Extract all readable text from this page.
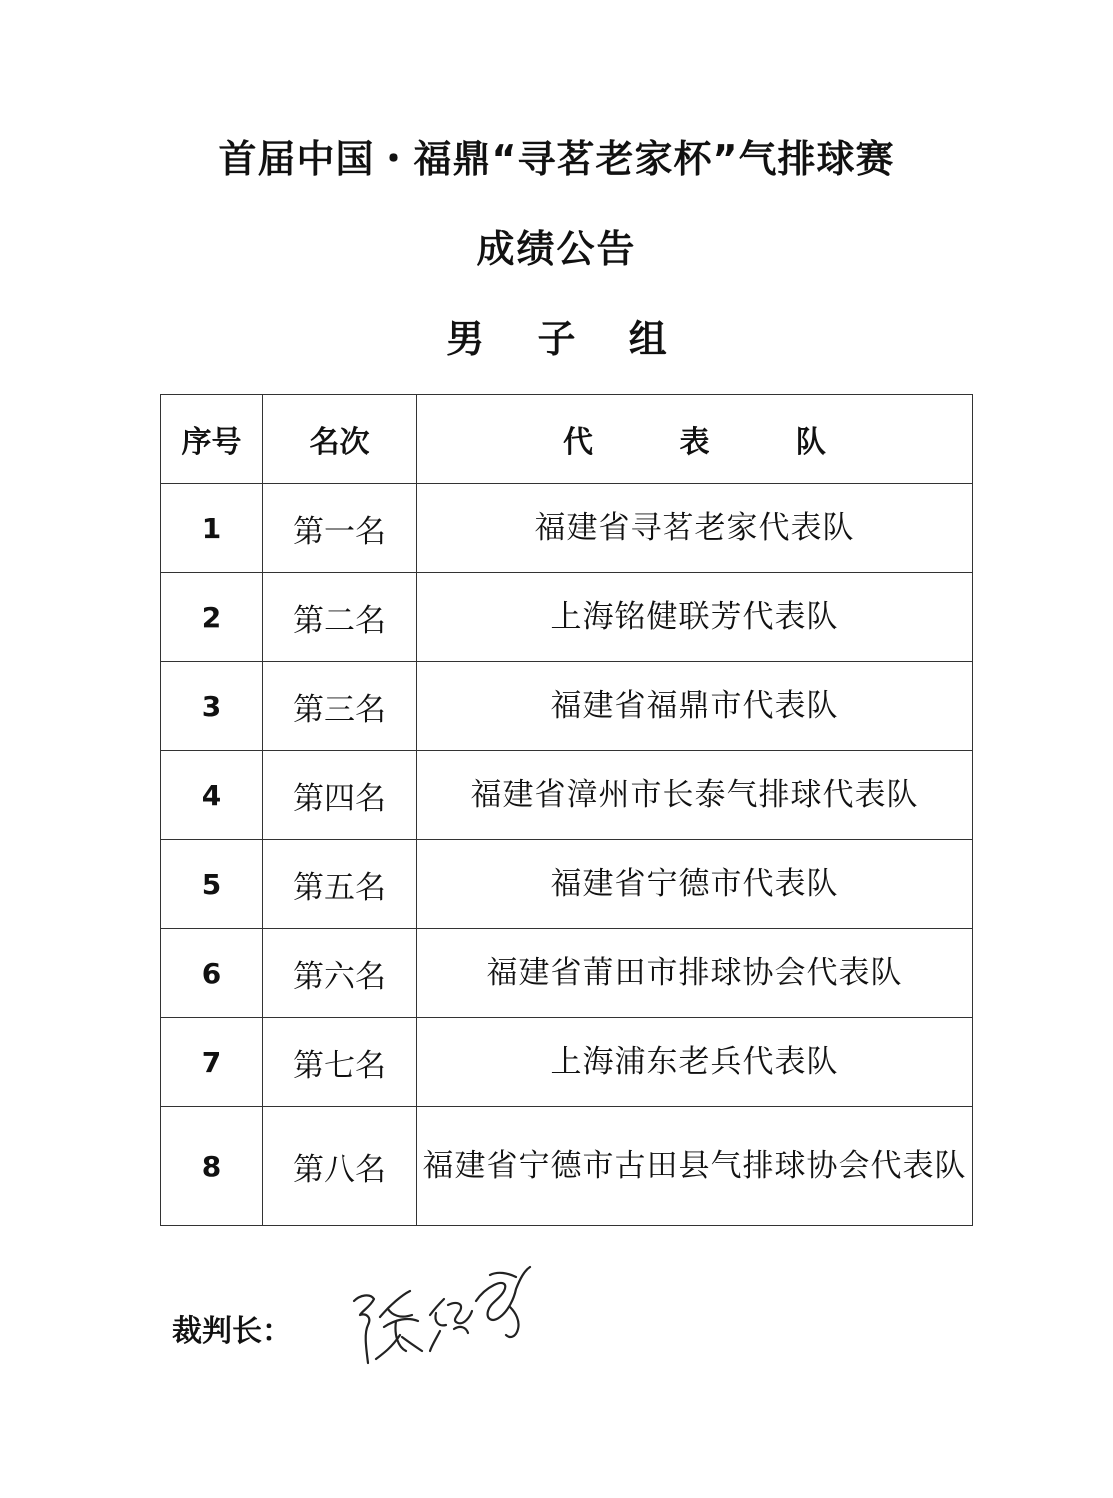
首届中国・福鼎“寻茗老家杯”气排球赛
成绩公告
男 子 组
序号	名次	代 表 队
1	第一名	福建省寻茗老家代表队
2	第二名	上海铭健联芳代表队
3	第三名	福建省福鼎市代表队
4	第四名	福建省漳州市长泰气排球代表队
5	第五名	福建省宁德市代表队
6	第六名	福建省莆田市排球协会代表队
7	第七名	上海浦东老兵代表队
8	第八名	福建省宁德市古田县气排球协会代表队
裁判长：
